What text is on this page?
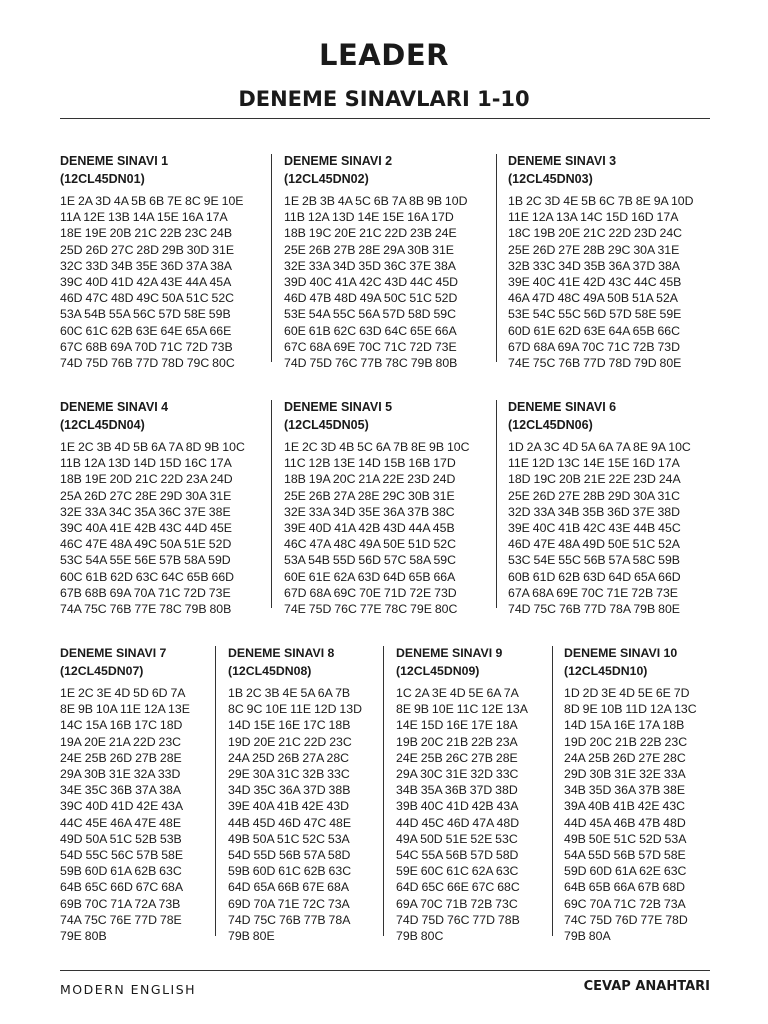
LEADER
DENEME SINAVLARI 1-10
DENEME SINAVI 1
(12CL45DN01)
1E 2A 3D 4A 5B 6B 7E 8C 9E 10E
11A 12E 13B 14A 15E 16A 17A
18E 19E 20B 21C 22B 23C 24B
25D 26D 27C 28D 29B 30D 31E
32C 33D 34B 35E 36D 37A 38A
39C 40D 41D 42A 43E 44A 45A
46D 47C 48D 49C 50A 51C 52C
53A 54B 55A 56C 57D 58E 59B
60C 61C 62B 63E 64E 65A 66E
67C 68B 69A 70D 71C 72D 73B
74D 75D 76B 77D 78D 79C 80C
DENEME SINAVI 2
(12CL45DN02)
1E 2B 3B 4A 5C 6B 7A 8B 9B 10D
11B 12A 13D 14E 15E 16A 17D
18B 19C 20E 21C 22D 23B 24E
25E 26B 27B 28E 29A 30B 31E
32E 33A 34D 35D 36C 37E 38A
39D 40C 41A 42C 43D 44C 45D
46D 47B 48D 49A 50C 51C 52D
53E 54A 55C 56A 57D 58D 59C
60E 61B 62C 63D 64C 65E 66A
67C 68A 69E 70C 71C 72D 73E
74D 75D 76C 77B 78C 79B 80B
DENEME SINAVI 3
(12CL45DN03)
1B 2C 3D 4E 5B 6C 7B 8E 9A 10D
11E 12A 13A 14C 15D 16D 17A
18C 19B 20E 21C 22D 23D 24C
25E 26D 27E 28B 29C 30A 31E
32B 33C 34D 35B 36A 37D 38A
39E 40C 41E 42D 43C 44C 45B
46A 47D 48C 49A 50B 51A 52A
53E 54C 55C 56D 57D 58E 59E
60D 61E 62D 63E 64A 65B 66C
67D 68A 69A 70C 71C 72B 73D
74E 75C 76B 77D 78D 79D 80E
DENEME SINAVI 4
(12CL45DN04)
1E 2C 3B 4D 5B 6A 7A 8D 9B 10C
11B 12A 13D 14D 15D 16C 17A
18B 19E 20D 21C 22D 23A 24D
25A 26D 27C 28E 29D 30A 31E
32E 33A 34C 35A 36C 37E 38E
39C 40A 41E 42B 43C 44D 45E
46C 47E 48A 49C 50A 51E 52D
53C 54A 55E 56E 57B 58A 59D
60C 61B 62D 63C 64C 65B 66D
67B 68B 69A 70A 71C 72D 73E
74A 75C 76B 77E 78C 79B 80B
DENEME SINAVI 5
(12CL45DN05)
1E 2C 3D 4B 5C 6A 7B 8E 9B 10C
11C 12B 13E 14D 15B 16B 17D
18B 19A 20C 21A 22E 23D 24D
25E 26B 27A 28E 29C 30B 31E
32E 33A 34D 35E 36A 37B 38C
39E 40D 41A 42B 43D 44A 45B
46C 47A 48C 49A 50E 51D 52C
53A 54B 55D 56D 57C 58A 59C
60E 61E 62A 63D 64D 65B 66A
67D 68A 69C 70E 71D 72E 73D
74E 75D 76C 77E 78C 79E 80C
DENEME SINAVI 6
(12CL45DN06)
1D 2A 3C 4D 5A 6A 7A 8E 9A 10C
11E 12D 13C 14E 15E 16D 17A
18D 19C 20B 21E 22E 23D 24A
25E 26D 27E 28B 29D 30A 31C
32D 33A 34B 35B 36D 37E 38D
39E 40C 41B 42C 43E 44B 45C
46D 47E 48A 49D 50E 51C 52A
53C 54E 55C 56B 57A 58C 59B
60B 61D 62B 63D 64D 65A 66D
67A 68A 69E 70C 71E 72B 73E
74D 75C 76B 77D 78A 79B 80E
DENEME SINAVI 7
(12CL45DN07)
1E 2C 3E 4D 5D 6D 7A
8E 9B 10A 11E 12A 13E
14C 15A 16B 17C 18D
19A 20E 21A 22D 23C
24E 25B 26D 27B 28E
29A 30B 31E 32A 33D
34E 35C 36B 37A 38A
39C 40D 41D 42E 43A
44C 45E 46A 47E 48E
49D 50A 51C 52B 53B
54D 55C 56C 57B 58E
59B 60D 61A 62B 63C
64B 65C 66D 67C 68A
69B 70C 71A 72A 73B
74A 75C 76E 77D 78E
79E 80B
DENEME SINAVI 8
(12CL45DN08)
1B 2C 3B 4E 5A 6A 7B
8C 9C 10E 11E 12D 13D
14D 15E 16E 17C 18B
19D 20E 21C 22D 23C
24A 25D 26B 27A 28C
29E 30A 31C 32B 33C
34D 35C 36A 37D 38B
39E 40A 41B 42E 43D
44B 45D 46D 47C 48E
49B 50A 51C 52C 53A
54D 55D 56B 57A 58D
59B 60D 61C 62B 63C
64D 65A 66B 67E 68A
69D 70A 71E 72C 73A
74D 75C 76B 77B 78A
79B 80E
DENEME SINAVI 9
(12CL45DN09)
1C 2A 3E 4D 5E 6A 7A
8E 9B 10E 11C 12E 13A
14E 15D 16E 17E 18A
19B 20C 21B 22B 23A
24E 25B 26C 27B 28E
29A 30C 31E 32D 33C
34B 35A 36B 37D 38D
39B 40C 41D 42B 43A
44D 45C 46D 47A 48D
49A 50D 51E 52E 53C
54C 55A 56B 57D 58D
59E 60C 61C 62A 63C
64D 65C 66E 67C 68C
69A 70C 71B 72B 73C
74D 75D 76C 77D 78B
79B 80C
DENEME SINAVI 10
(12CL45DN10)
1D 2D 3E 4D 5E 6E 7D
8D 9E 10B 11D 12A 13C
14D 15A 16E 17A 18B
19D 20C 21B 22B 23C
24A 25B 26D 27E 28C
29D 30B 31E 32E 33A
34B 35D 36A 37B 38E
39A 40B 41B 42E 43C
44D 45A 46B 47B 48D
49B 50E 51C 52D 53A
54A 55D 56B 57D 58E
59D 60D 61A 62E 63C
64B 65B 66A 67B 68D
69C 70A 71C 72B 73A
74C 75D 76D 77E 78D
79B 80A
MODERN ENGLISH	CEVAP ANAHTARI
